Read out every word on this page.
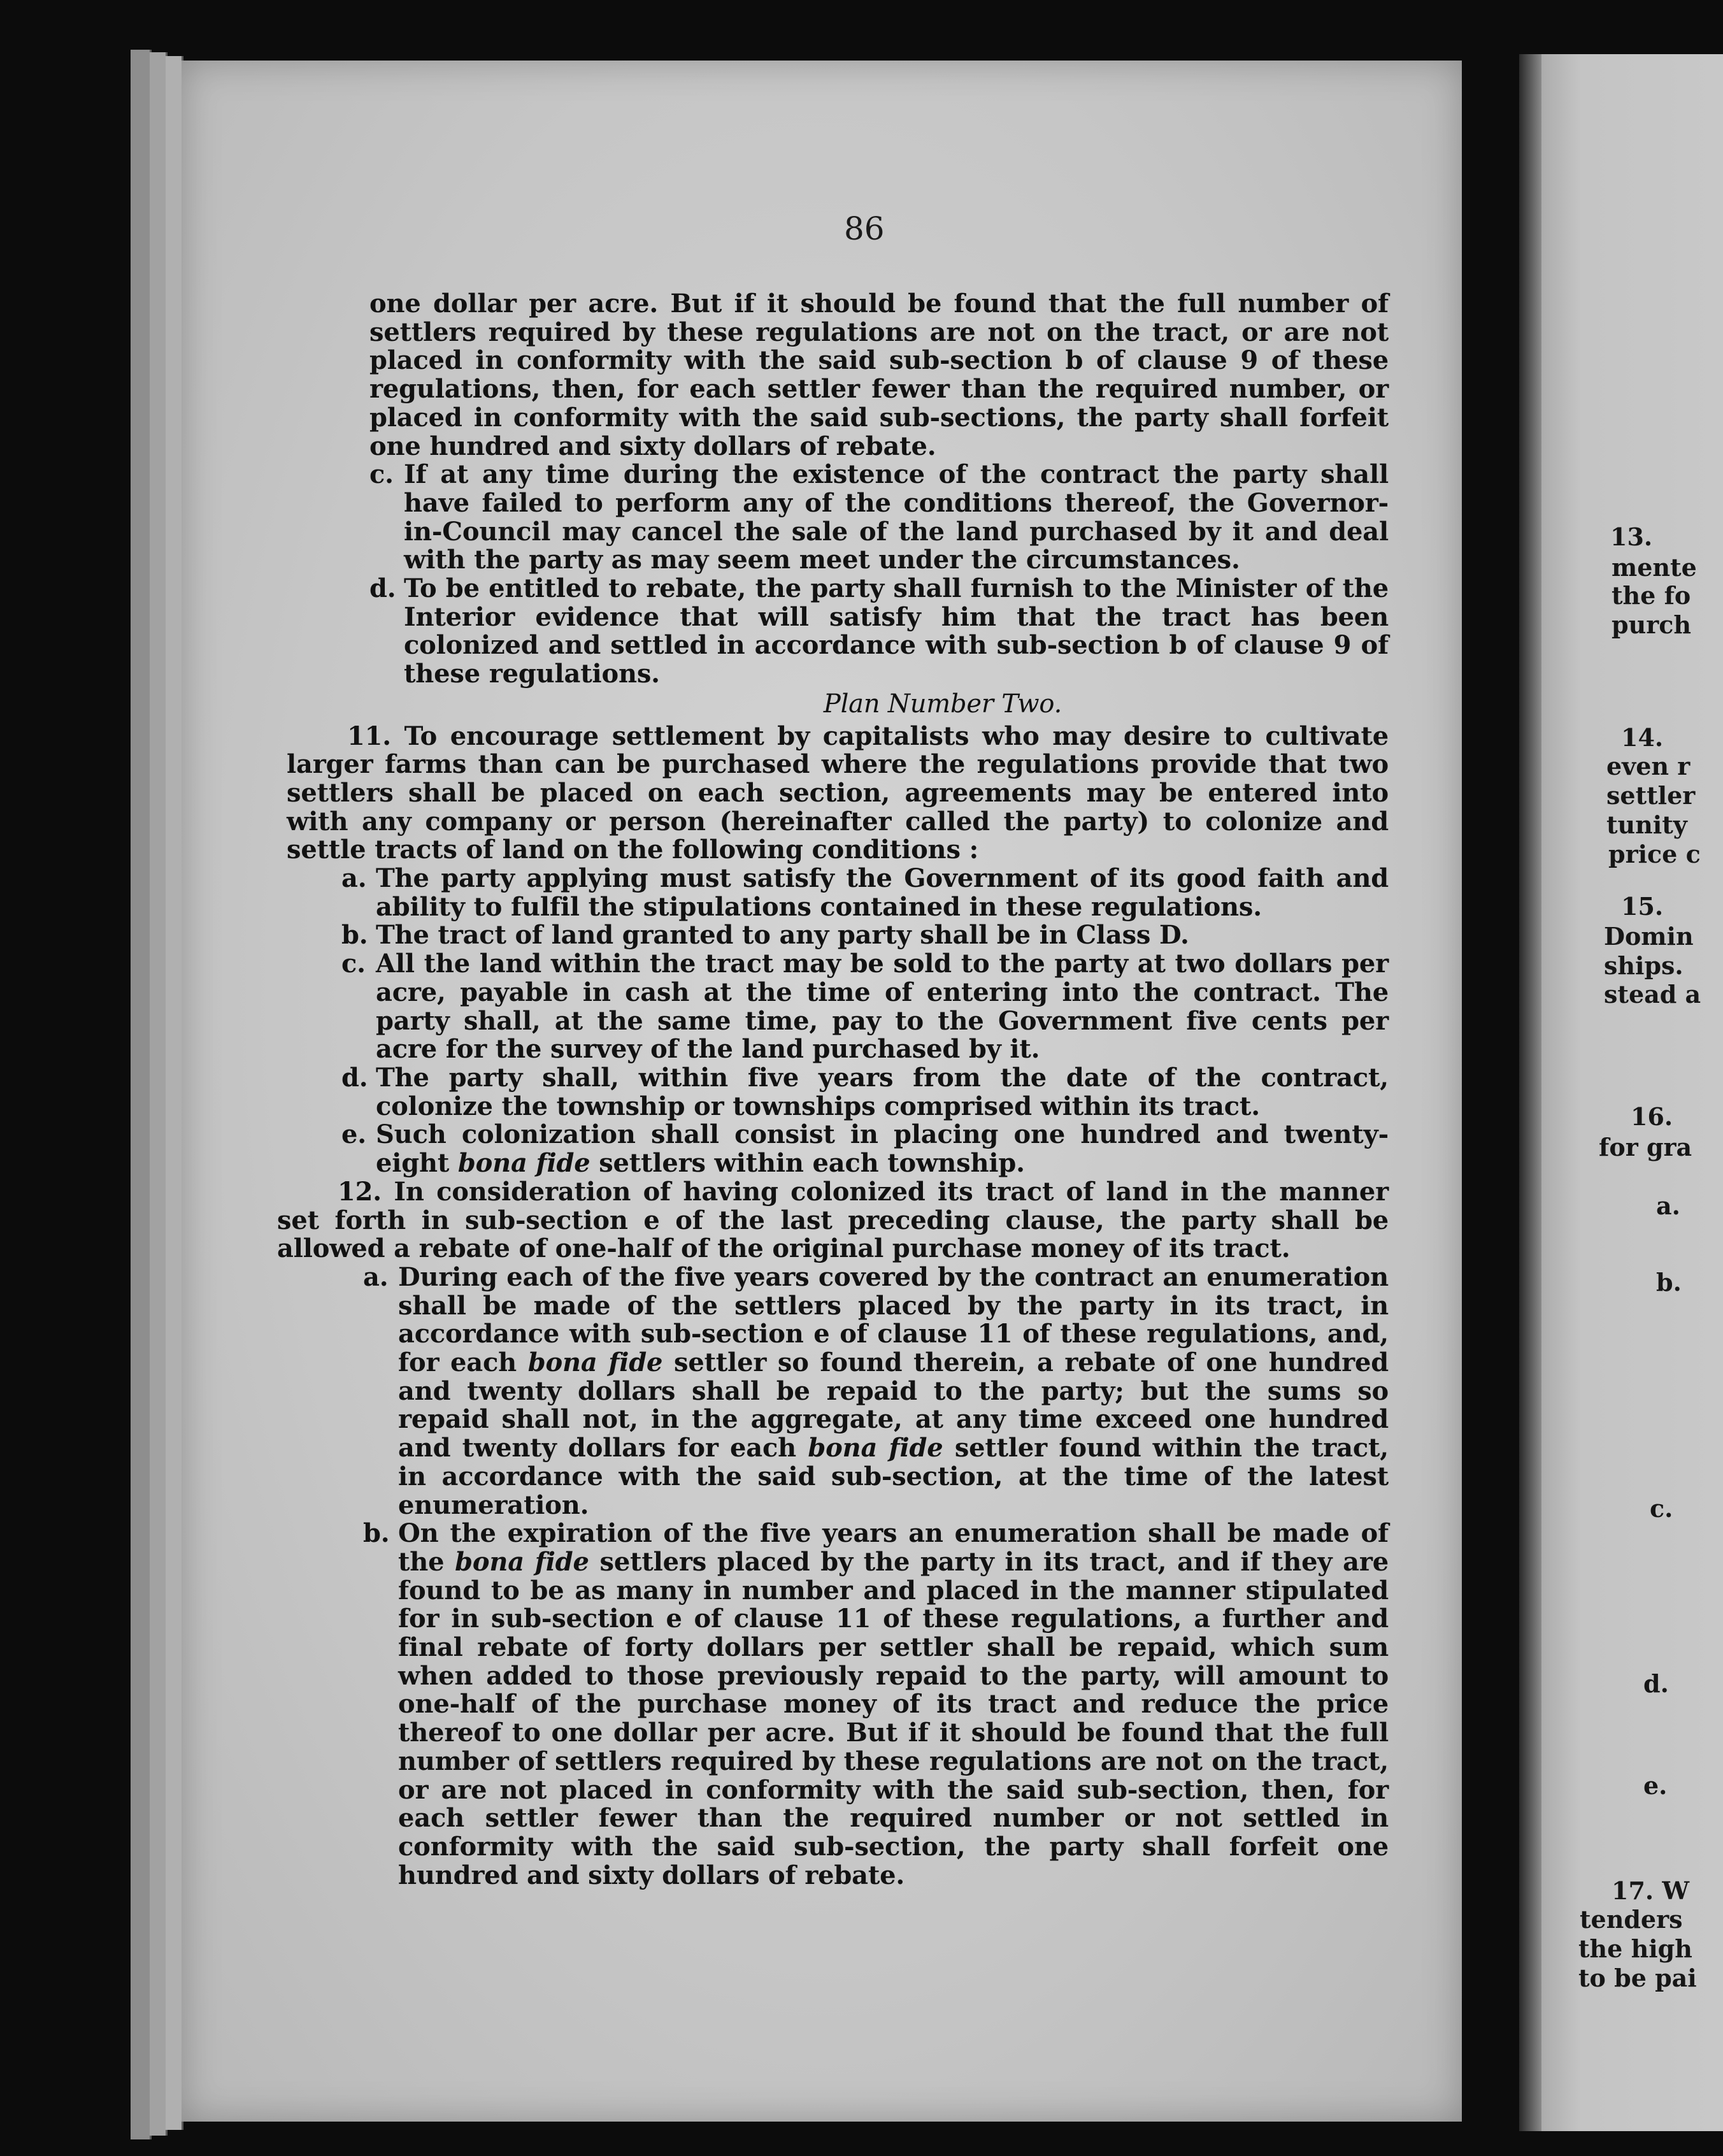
13.
mente
the fo
purch
14.
even r
settler
tunity
price c
15.
Domin
ships.
stead a
16.
for gra
a.
b.
c.
d.
e.
17. W
tenders
the high
to be pai
86

one dollar per acre. But if it should be found that the full number of settlers required by these regulations are not on the tract, or are not placed in conformity with the said sub-section b of clause 9 of these regulations, then, for each settler fewer than the required number, or placed in conformity with the said sub-sections, the party shall forfeit one hundred and sixty dollars of rebate.

c. If at any time during the existence of the contract the party shall have failed to perform any of the conditions thereof, the Governor-in-Council may cancel the sale of the land purchased by it and deal with the party as may seem meet under the circumstances.
d. To be entitled to rebate, the party shall furnish to the Minister of the Interior evidence that will satisfy him that the tract has been colonized and settled in accordance with sub-section b of clause 9 of these regulations.
Plan Number Two.

11. To encourage settlement by capitalists who may desire to cultivate larger farms than can be purchased where the regulations provide that two settlers shall be placed on each section, agreements may be entered into with any company or person (hereinafter called the party) to colonize and settle tracts of land on the following conditions :

a. The party applying must satisfy the Government of its good faith and ability to fulfil the stipulations contained in these regulations.
b. The tract of land granted to any party shall be in Class D.
c. All the land within the tract may be sold to the party at two dollars per acre, payable in cash at the time of entering into the contract. The party shall, at the same time, pay to the Government five cents per acre for the survey of the land purchased by it.
d. The party shall, within five years from the date of the contract, colonize the township or townships comprised within its tract.
e. Such colonization shall consist in placing one hundred and twenty-eight bona fide settlers within each township.

12. In consideration of having colonized its tract of land in the manner set forth in sub-section e of the last preceding clause, the party shall be allowed a rebate of one-half of the original purchase money of its tract.

a. During each of the five years covered by the contract an enumeration shall be made of the settlers placed by the party in its tract, in accordance with sub-section e of clause 11 of these regulations, and, for each bona fide settler so found therein, a rebate of one hundred and twenty dollars shall be repaid to the party; but the sums so repaid shall not, in the aggregate, at any time exceed one hundred and twenty dollars for each bona fide settler found within the tract, in accordance with the said sub-section, at the time of the latest enumeration.
b. On the expiration of the five years an enumeration shall be made of the bona fide settlers placed by the party in its tract, and if they are found to be as many in number and placed in the manner stipulated for in sub-section e of clause 11 of these regulations, a further and final rebate of forty dollars per settler shall be repaid, which sum when added to those previously repaid to the party, will amount to one-half of the purchase money of its tract and reduce the price thereof to one dollar per acre. But if it should be found that the full number of settlers required by these regulations are not on the tract, or are not placed in conformity with the said sub-section, then, for each settler fewer than the required number or not settled in conformity with the said sub-section, the party shall forfeit one hundred and sixty dollars of rebate.
